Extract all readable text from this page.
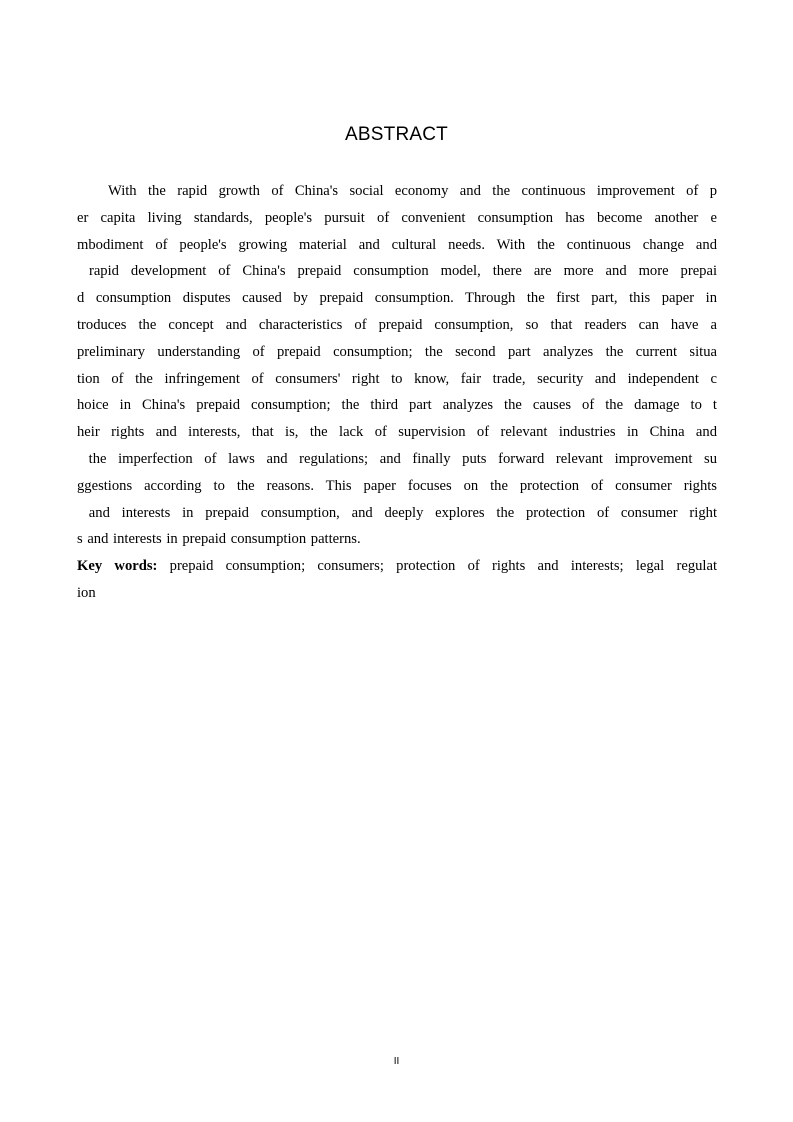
ABSTRACT
With the rapid growth of China's social economy and the continuous improvement of p
er capita living standards, people's pursuit of convenient consumption has become another e
mbodiment of people's growing material and cultural needs. With the continuous change and
rapid development of China's prepaid consumption model, there are more and more prepai
d consumption disputes caused by prepaid consumption. Through the first part, this paper in
troduces the concept and characteristics of prepaid consumption, so that readers can have a
preliminary understanding of prepaid consumption; the second part analyzes the current situa
tion of the infringement of consumers' right to know, fair trade, security and independent c
hoice in China's prepaid consumption; the third part analyzes the causes of the damage to t
heir rights and interests, that is, the lack of supervision of relevant industries in China and
the imperfection of laws and regulations; and finally puts forward relevant improvement su
ggestions according to the reasons. This paper focuses on the protection of consumer rights
and interests in prepaid consumption, and deeply explores the protection of consumer right
s and interests in prepaid consumption patterns.
Key words: prepaid consumption; consumers; protection of rights and interests; legal regulat
ion
II
